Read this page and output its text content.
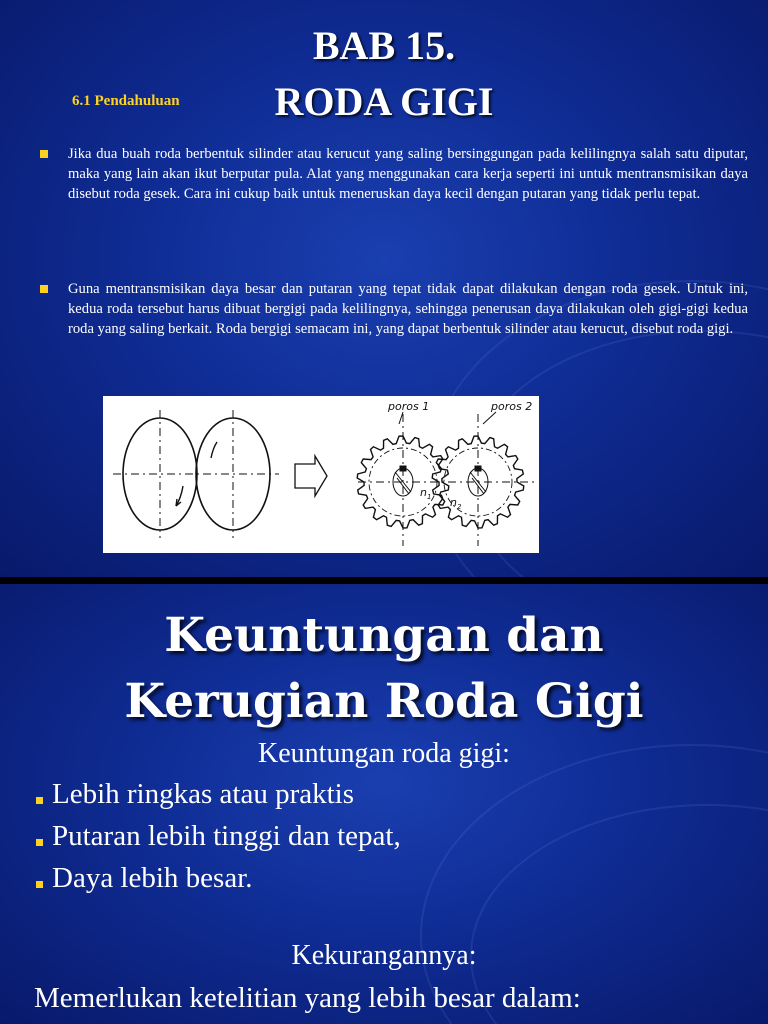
BAB 15.
RODA GIGI
6.1 Pendahuluan
Jika dua buah roda berbentuk silinder atau kerucut yang saling bersinggungan pada kelilingnya salah satu diputar, maka yang lain akan ikut berputar pula. Alat yang menggunakan cara kerja seperti ini untuk mentransmisikan daya disebut roda gesek. Cara ini cukup baik untuk meneruskan daya kecil dengan putaran yang tidak perlu tepat.
Guna mentransmisikan daya besar dan putaran yang tepat tidak dapat dilakukan dengan roda gesek. Untuk ini, kedua roda tersebut harus dibuat bergigi pada kelilingnya, sehingga penerusan daya dilakukan oleh gigi-gigi kedua roda yang saling berkait. Roda bergigi semacam ini, yang dapat berbentuk silinder atau kerucut, disebut roda gigi.
poros 1	poros 2
$n_1$ $n_2$
Keuntungan dan
Kerugian Roda Gigi
Keuntungan roda gigi:
Lebih ringkas atau praktis
Putaran lebih tinggi dan tepat,
Daya lebih besar.
Kekurangannya:
Memerlukan ketelitian yang lebih besar dalam:
